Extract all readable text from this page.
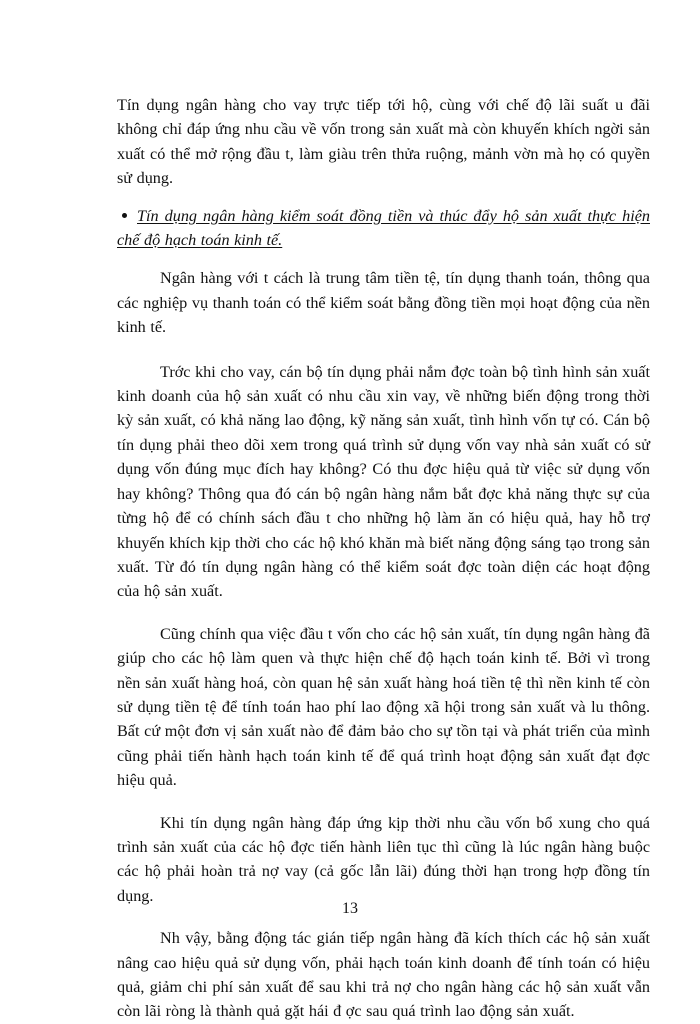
Tín dụng ngân hàng cho vay trực tiếp tới hộ, cùng với chế độ lãi suất u đãi không chỉ đáp ứng nhu cầu về vốn trong sản xuất mà còn khuyến khích ngời sản xuất có thể mở rộng đầu t, làm giàu trên thửa ruộng, mảnh vờn mà họ có quyền sử dụng.

Tín dụng ngân hàng kiểm soát đồng tiền và thúc đẩy hộ sản xuất thực hiện chế độ hạch toán kinh tế.

Ngân hàng với t cách là trung tâm tiền tệ, tín dụng thanh toán, thông qua các nghiệp vụ thanh toán có thể kiểm soát bằng đồng tiền mọi hoạt động của nền kinh tế.

Trớc khi cho vay, cán bộ tín dụng phải nắm đợc toàn bộ tình hình sản xuất kinh doanh của hộ sản xuất có nhu cầu xin vay, về những biến động trong thời kỳ sản xuất, có khả năng lao động, kỹ năng sản xuất, tình hình vốn tự có. Cán bộ tín dụng phải theo dõi xem trong quá trình sử dụng vốn vay nhà sản xuất có sử dụng vốn đúng mục đích hay không? Có thu đợc hiệu quả từ việc sử dụng vốn hay không? Thông qua đó cán bộ ngân hàng nắm bắt đợc khả năng thực sự của từng hộ để có chính sách đầu t cho những hộ làm ăn có hiệu quả, hay hỗ trợ khuyến khích kịp thời cho các hộ khó khăn mà biết năng động sáng tạo trong sản xuất. Từ đó tín dụng ngân hàng có thể kiểm soát đợc toàn diện các hoạt động của hộ sản xuất.

Cũng chính qua việc đầu t vốn cho các hộ sản xuất, tín dụng ngân hàng đã giúp cho các hộ làm quen và thực hiện chế độ hạch toán kinh tế. Bởi vì trong nền sản xuất hàng hoá, còn quan hệ sản xuất hàng hoá tiền tệ thì nền kinh tế còn sử dụng tiền tệ để tính toán hao phí lao động xã hội trong sản xuất và lu thông. Bất cứ một đơn vị sản xuất nào để đảm bảo cho sự tồn tại và phát triển của mình cũng phải tiến hành hạch toán kinh tế để quá trình hoạt động sản xuất đạt đợc hiệu quả.

Khi tín dụng ngân hàng đáp ứng kịp thời nhu cầu vốn bổ xung cho quá trình sản xuất của các hộ đợc tiến hành liên tục thì cũng là lúc ngân hàng buộc các hộ phải hoàn trả nợ vay (cả gốc lẫn lãi) đúng thời hạn trong hợp đồng tín dụng.

Nh vậy, bằng động tác gián tiếp ngân hàng đã kích thích các hộ sản xuất nâng cao hiệu quả sử dụng vốn, phải hạch toán kinh doanh để tính toán có hiệu quả, giảm chi phí sản xuất để sau khi trả nợ cho ngân hàng các hộ sản xuất vẫn còn lãi ròng là thành quả gặt hái đ ợc sau quá trình lao động sản xuất.

13
